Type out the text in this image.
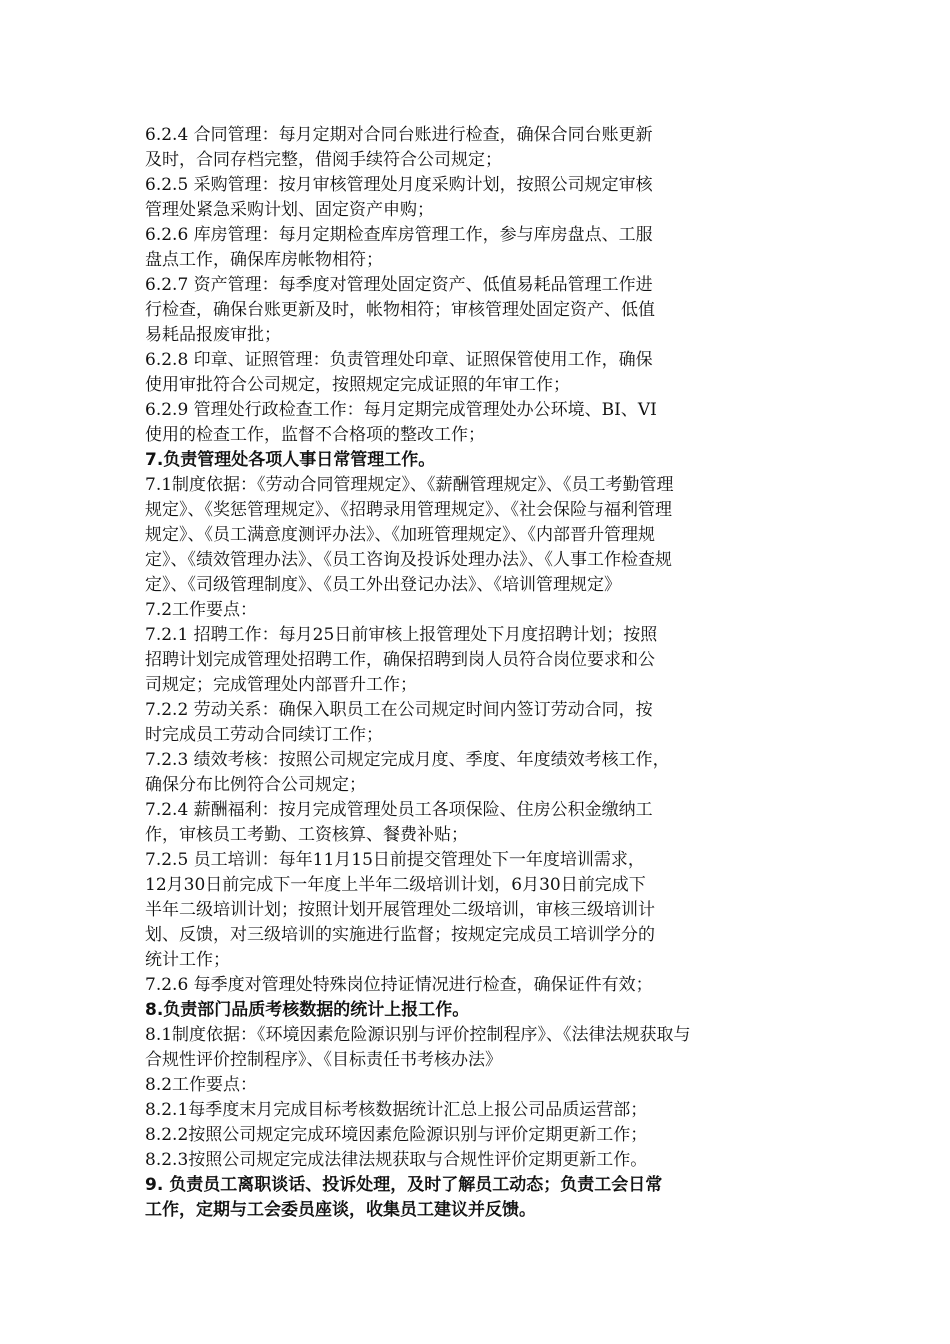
6.2.4 合同管理：每月定期对合同台账进行检查，确保合同台账更新
及时，合同存档完整，借阅手续符合公司规定；
6.2.5 采购管理：按月审核管理处月度采购计划，按照公司规定审核
管理处紧急采购计划、固定资产申购；
6.2.6 库房管理：每月定期检查库房管理工作，参与库房盘点、工服
盘点工作，确保库房帐物相符；
6.2.7 资产管理：每季度对管理处固定资产、低值易耗品管理工作进
行检查，确保台账更新及时，帐物相符；审核管理处固定资产、低值
易耗品报废审批；
6.2.8 印章、证照管理：负责管理处印章、证照保管使用工作，确保
使用审批符合公司规定，按照规定完成证照的年审工作；
6.2.9 管理处行政检查工作：每月定期完成管理处办公环境、BI、VI
使用的检查工作，监督不合格项的整改工作；
7.负责管理处各项人事日常管理工作。
7.1制度依据：《劳动合同管理规定》、《薪酬管理规定》、《员工考勤管理
规定》、《奖惩管理规定》、《招聘录用管理规定》、《社会保险与福利管理
规定》、《员工满意度测评办法》、《加班管理规定》、《内部晋升管理规
定》、《绩效管理办法》、《员工咨询及投诉处理办法》、《人事工作检查规
定》、《司级管理制度》、《员工外出登记办法》、《培训管理规定》
7.2工作要点：
7.2.1 招聘工作：每月25日前审核上报管理处下月度招聘计划；按照
招聘计划完成管理处招聘工作，确保招聘到岗人员符合岗位要求和公
司规定；完成管理处内部晋升工作；
7.2.2 劳动关系：确保入职员工在公司规定时间内签订劳动合同，按
时完成员工劳动合同续订工作；
7.2.3 绩效考核：按照公司规定完成月度、季度、年度绩效考核工作，
确保分布比例符合公司规定；
7.2.4 薪酬福利：按月完成管理处员工各项保险、住房公积金缴纳工
作，审核员工考勤、工资核算、餐费补贴；
7.2.5 员工培训：每年11月15日前提交管理处下一年度培训需求，
12月30日前完成下一年度上半年二级培训计划，6月30日前完成下
半年二级培训计划；按照计划开展管理处二级培训，审核三级培训计
划、反馈，对三级培训的实施进行监督；按规定完成员工培训学分的
统计工作；
7.2.6 每季度对管理处特殊岗位持证情况进行检查，确保证件有效；
8.负责部门品质考核数据的统计上报工作。
8.1制度依据：《环境因素危险源识别与评价控制程序》、《法律法规获取与
合规性评价控制程序》、《目标责任书考核办法》
8.2工作要点：
8.2.1每季度末月完成目标考核数据统计汇总上报公司品质运营部；
8.2.2按照公司规定完成环境因素危险源识别与评价定期更新工作；
8.2.3按照公司规定完成法律法规获取与合规性评价定期更新工作。
9. 负责员工离职谈话、投诉处理，及时了解员工动态；负责工会日常
工作，定期与工会委员座谈，收集员工建议并反馈。
